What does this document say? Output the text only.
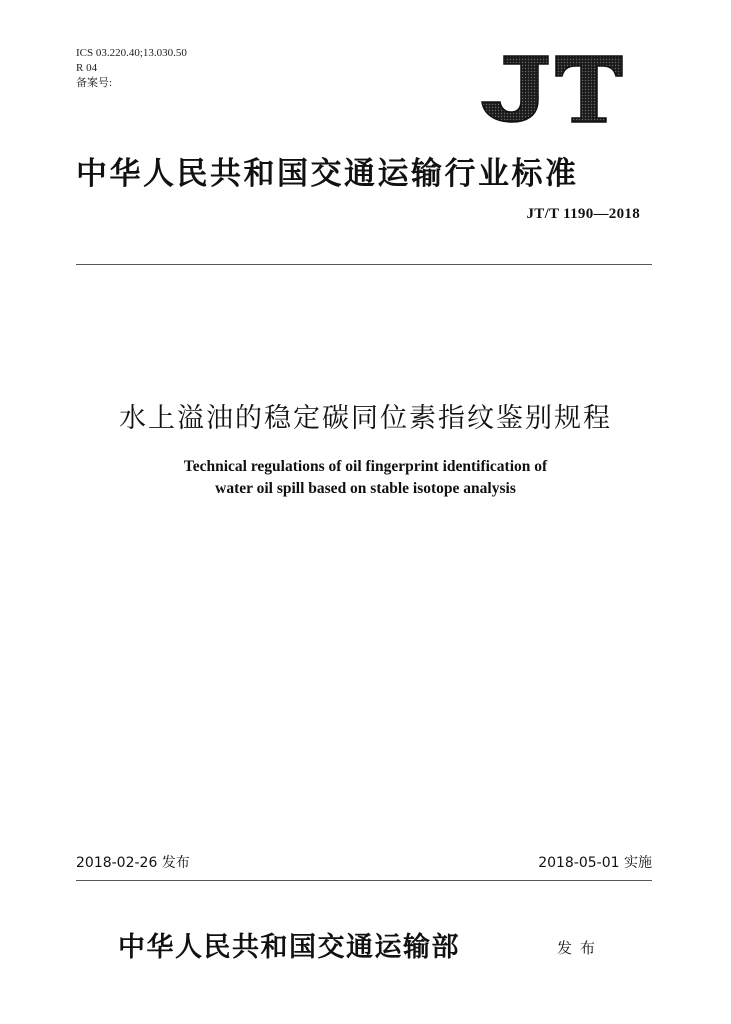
ICS 03.220.40;13.030.50
R 04
备案号:
JT
中华人民共和国交通运输行业标准
JT/T 1190—2018
水上溢油的稳定碳同位素指纹鉴别规程
Technical regulations of oil fingerprint identification of
water oil spill based on stable isotope analysis
2018-02-26 发布	2018-05-01 实施
中华人民共和国交通运输部	发布
